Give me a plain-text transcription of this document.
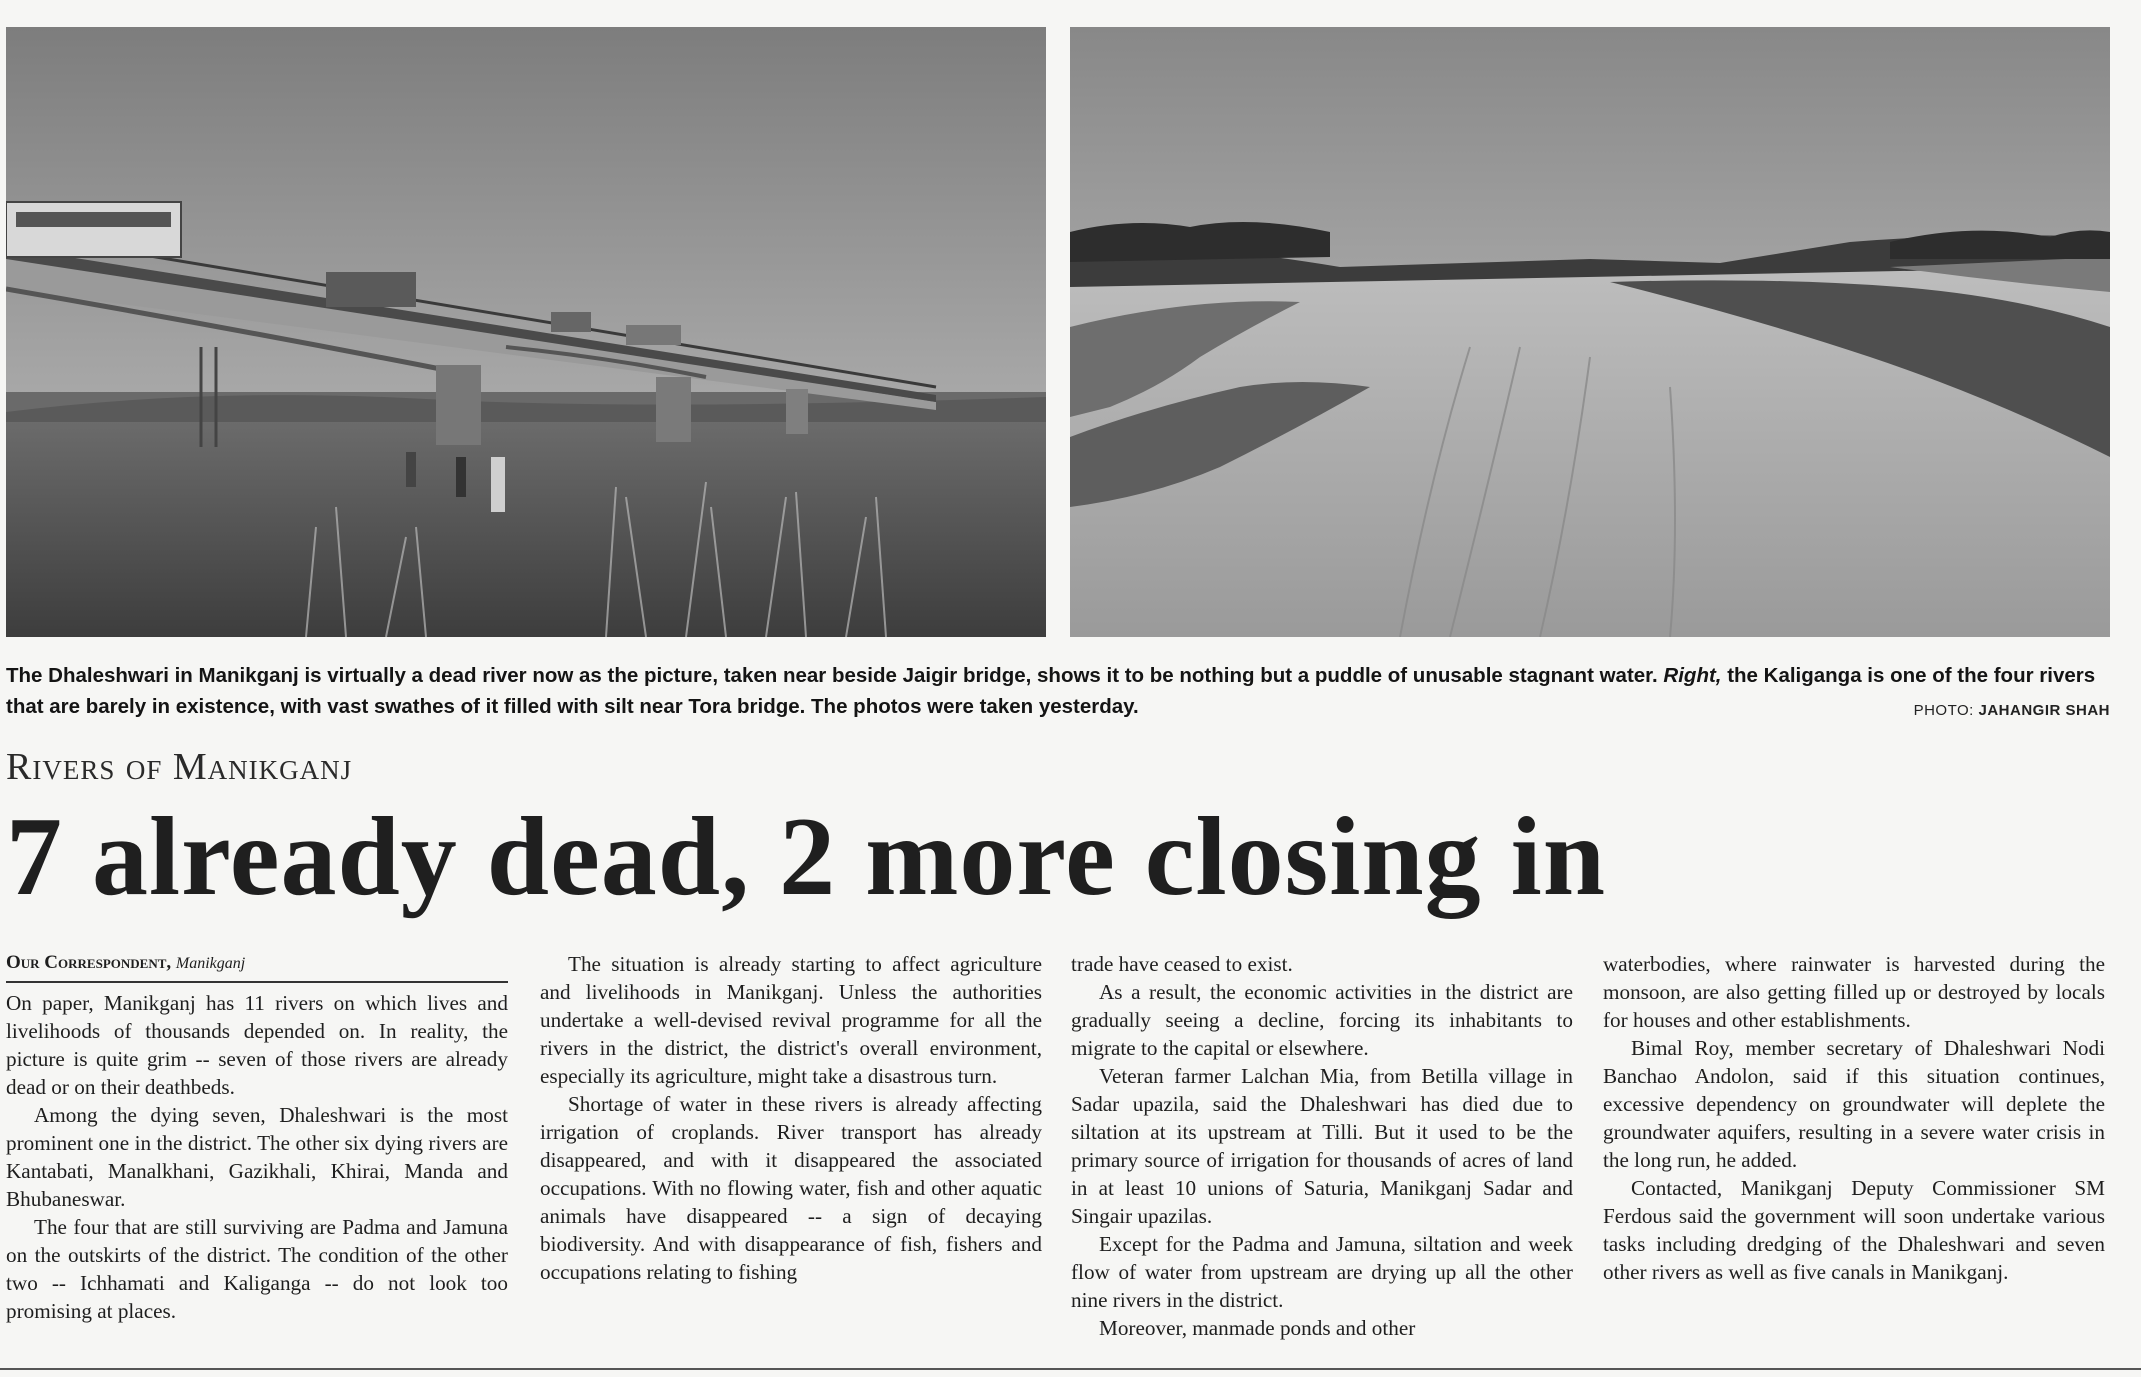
The Dhaleshwari in Manikganj is virtually a dead river now as the picture, taken near beside Jaigir bridge, shows it to be nothing but a puddle of unusable stagnant water. Right, the Kaliganga is one of the four rivers that are barely in existence, with vast swathes of it filled with silt near Tora bridge. The photos were taken yesterday.	PHOTO: JAHANGIR SHAH
Rivers of Manikganj
7 already dead, 2 more closing in
Our Correspondent, Manikganj

On paper, Manikganj has 11 rivers on which lives and livelihoods of thousands depended on. In reality, the picture is quite grim -- seven of those rivers are already dead or on their deathbeds.

Among the dying seven, Dhaleshwari is the most prominent one in the district. The other six dying rivers are Kantabati, Manalkhani, Gazikhali, Khirai, Manda and Bhubaneswar.

The four that are still surviving are Padma and Jamuna on the outskirts of the district. The condition of the other two -- Ichhamati and Kaliganga -- do not look too promising at places.

The situation is already starting to affect agriculture and livelihoods in Manikganj. Unless the authorities undertake a well-devised revival programme for all the rivers in the district, the district's overall environment, especially its agriculture, might take a disastrous turn.

Shortage of water in these rivers is already affecting irrigation of croplands. River transport has already disappeared, and with it disappeared the associated occupations. With no flowing water, fish and other aquatic animals have disappeared -- a sign of decaying biodiversity. And with disappearance of fish, fishers and occupations relating to fishing

trade have ceased to exist.

As a result, the economic activities in the district are gradually seeing a decline, forcing its inhabitants to migrate to the capital or elsewhere.

Veteran farmer Lalchan Mia, from Betilla village in Sadar upazila, said the Dhaleshwari has died due to siltation at its upstream at Tilli. But it used to be the primary source of irrigation for thousands of acres of land in at least 10 unions of Saturia, Manikganj Sadar and Singair upazilas.

Except for the Padma and Jamuna, siltation and week flow of water from upstream are drying up all the other nine rivers in the district.

Moreover, manmade ponds and other

waterbodies, where rainwater is harvested during the monsoon, are also getting filled up or destroyed by locals for houses and other establishments.

Bimal Roy, member secretary of Dhaleshwari Nodi Banchao Andolon, said if this situation continues, excessive dependency on groundwater will deplete the groundwater aquifers, resulting in a severe water crisis in the long run, he added.

Contacted, Manikganj Deputy Commissioner SM Ferdous said the government will soon undertake various tasks including dredging of the Dhaleshwari and seven other rivers as well as five canals in Manikganj.
